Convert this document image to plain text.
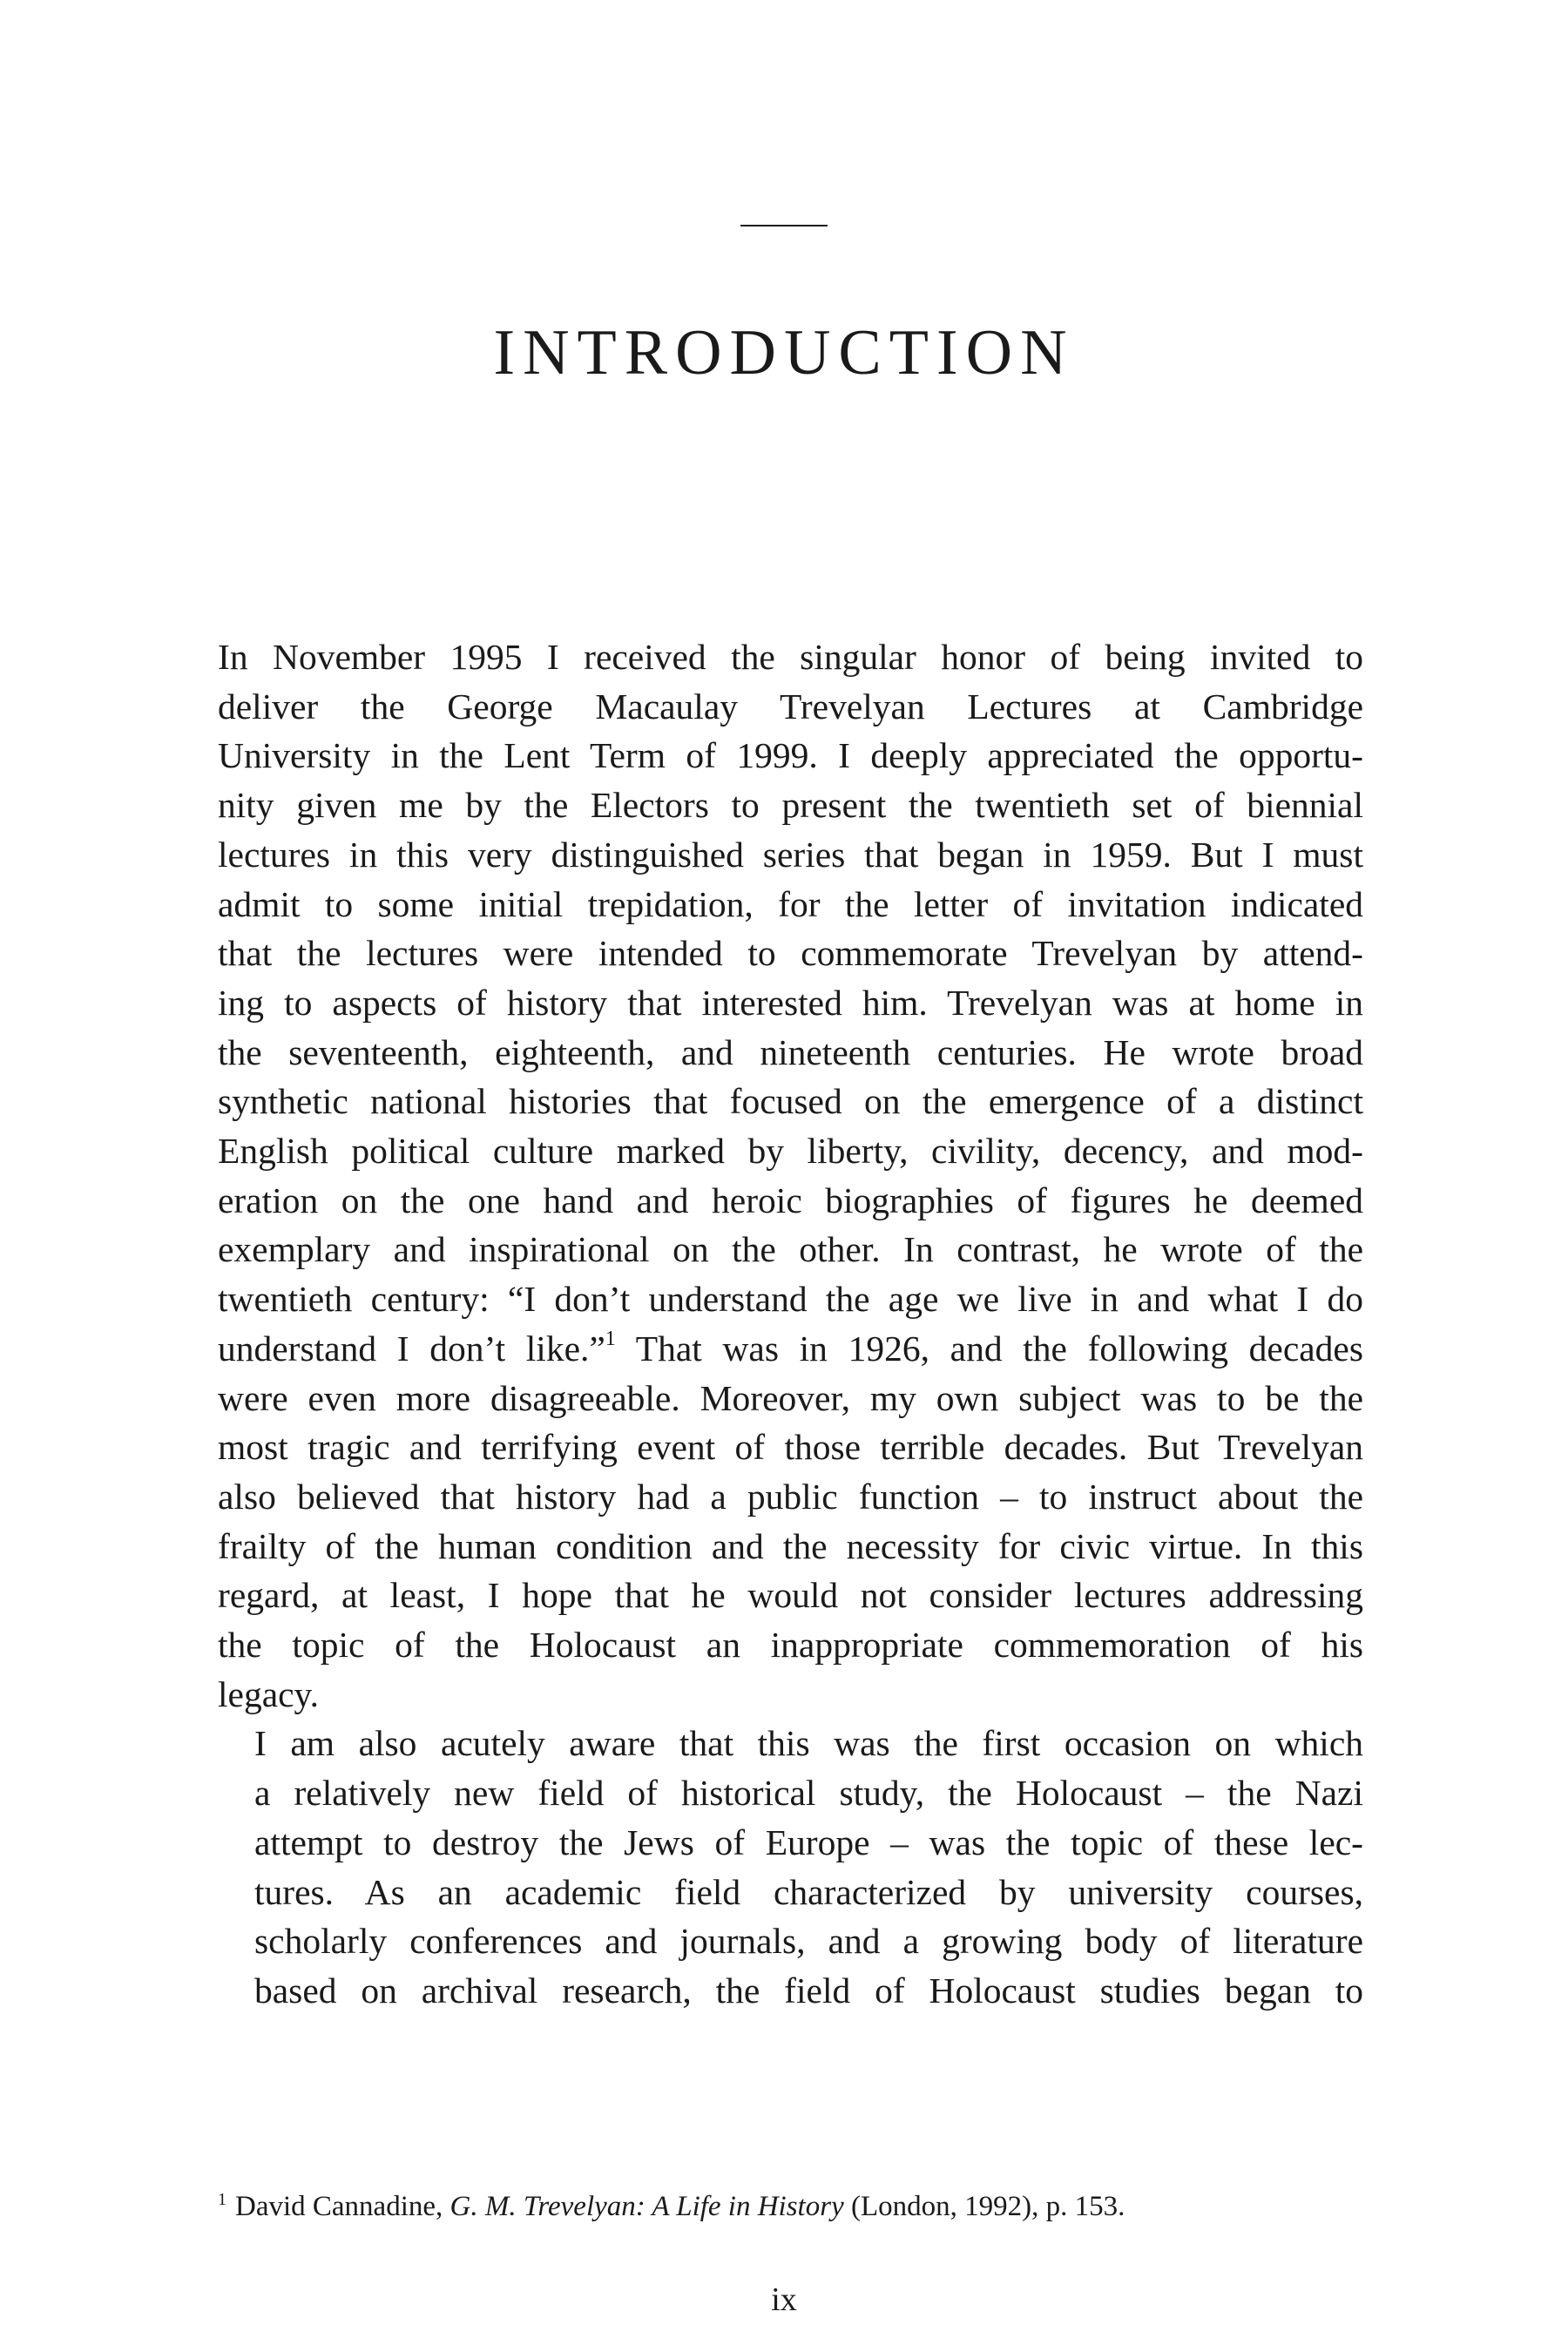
INTRODUCTION

In November 1995 I received the singular honor of being invited to
deliver the George Macaulay Trevelyan Lectures at Cambridge
University in the Lent Term of 1999. I deeply appreciated the opportu-
nity given me by the Electors to present the twentieth set of biennial
lectures in this very distinguished series that began in 1959. But I must
admit to some initial trepidation, for the letter of invitation indicated
that the lectures were intended to commemorate Trevelyan by attend-
ing to aspects of history that interested him. Trevelyan was at home in
the seventeenth, eighteenth, and nineteenth centuries. He wrote broad
synthetic national histories that focused on the emergence of a distinct
English political culture marked by liberty, civility, decency, and mod-
eration on the one hand and heroic biographies of figures he deemed
exemplary and inspirational on the other. In contrast, he wrote of the
twentieth century: “I don’t understand the age we live in and what I do
understand I don’t like.”$^1$ That was in 1926, and the following decades
were even more disagreeable. Moreover, my own subject was to be the
most tragic and terrifying event of those terrible decades. But Trevelyan
also believed that history had a public function – to instruct about the
frailty of the human condition and the necessity for civic virtue. In this
regard, at least, I hope that he would not consider lectures addressing
the topic of the Holocaust an inappropriate commemoration of his
legacy.

I am also acutely aware that this was the first occasion on which
a relatively new field of historical study, the Holocaust – the Nazi
attempt to destroy the Jews of Europe – was the topic of these lec-
tures. As an academic field characterized by university courses,
scholarly conferences and journals, and a growing body of literature
based on archival research, the field of Holocaust studies began to

$^1$ David Cannadine, G. M. Trevelyan: A Life in History (London, 1992), p. 153.
ix
